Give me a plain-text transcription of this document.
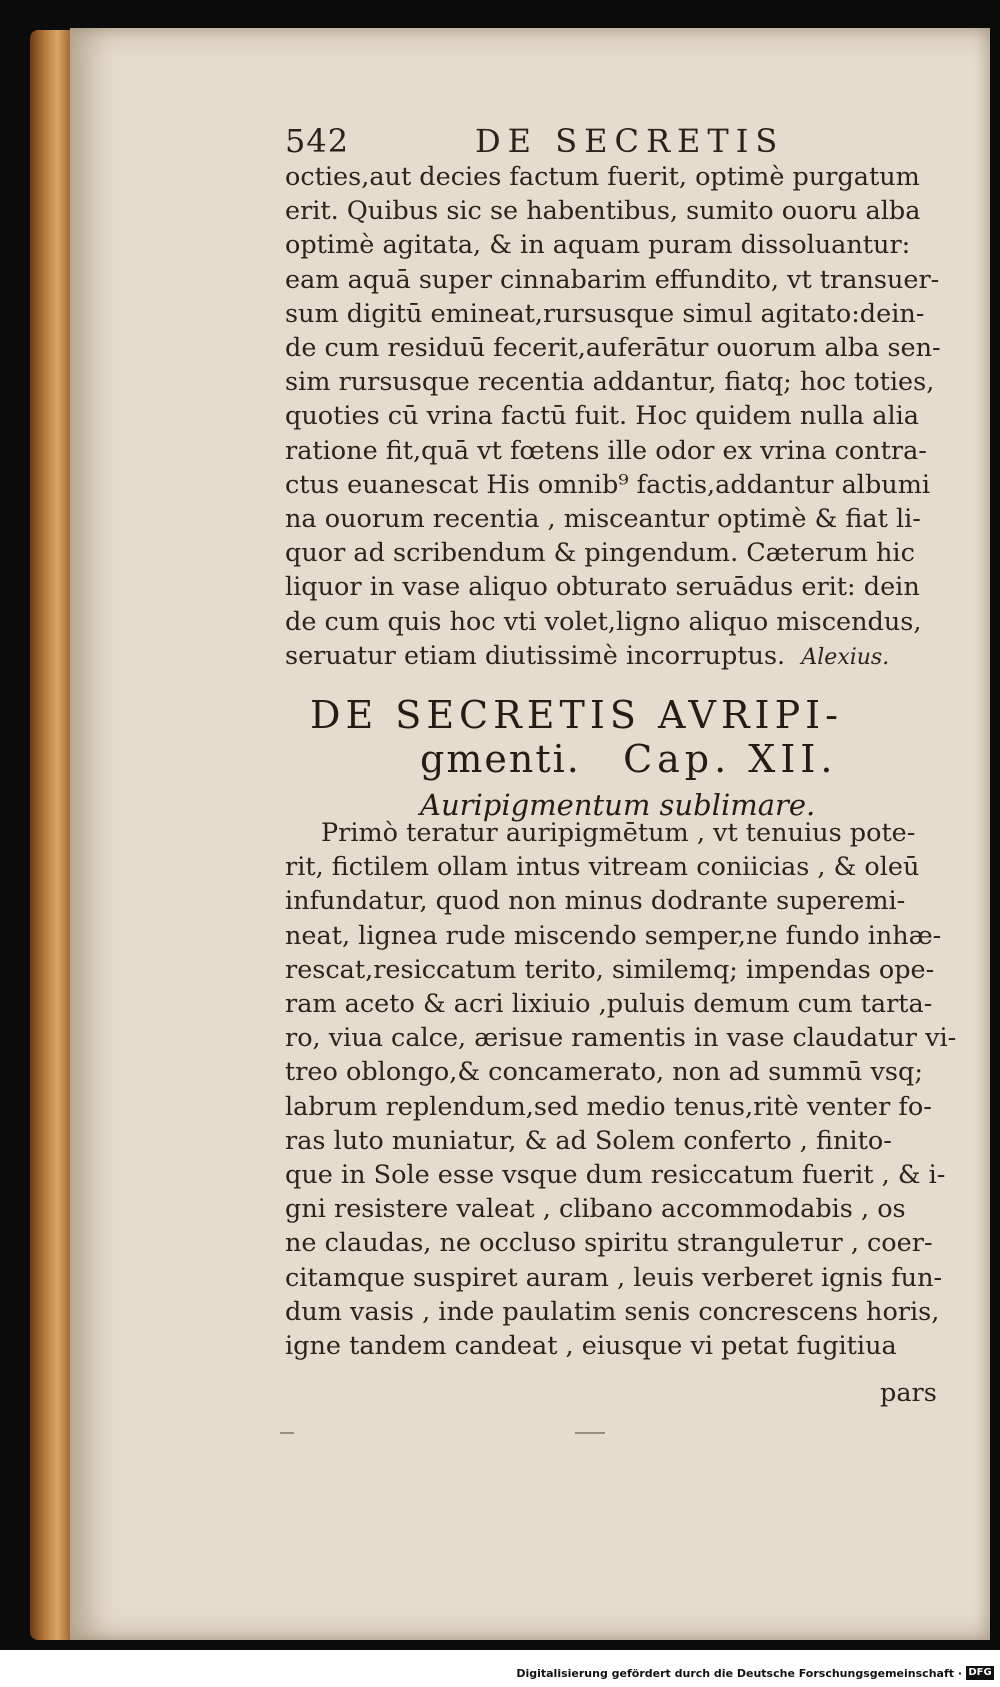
542	DE SECRETIS
octies,aut decies factum fuerit, optimè purgatum
erit. Quibus sic se habentibus, sumito ouoru alba
optimè agitata, & in aquam puram dissoluantur:
eam aquā super cinnabarim effundito, vt transuer-
sum digitū emineat,rursusque simul agitato:dein-
de cum residuū fecerit,auferātur ouorum alba sen-
sim rursusque recentia addantur, fiatq; hoc toties,
quoties cū vrina factū fuit. Hoc quidem nulla alia
ratione fit,quā vt fœtens ille odor ex vrina contra-
ctus euanescat His omnib⁹ factis,addantur albumi
na ouorum recentia , misceantur optimè & fiat li-
quor ad scribendum & pingendum. Cæterum hic
liquor in vase aliquo obturato seruādus erit: dein
de cum quis hoc vti volet,ligno aliquo miscendus,
seruatur etiam diutissimè incorruptus. Alexius.
DE SECRETIS AVRIPI-
gmenti. Cap. XII.
Auripigmentum sublimare.
Primò teratur auripigmētum , vt tenuius pote-
rit, fictilem ollam intus vitream coniicias , & oleū
infundatur, quod non minus dodrante superemi-
neat, lignea rude miscendo semper,ne fundo inhæ-
rescat,resiccatum terito, similemq; impendas ope-
ram aceto & acri lixiuio ,puluis demum cum tarta-
ro, viua calce, ærisue ramentis in vase claudatur vi-
treo oblongo,& concamerato, non ad summū vsq;
labrum replendum,sed medio tenus,ritè venter fo-
ras luto muniatur, & ad Solem conferto , finito-
que in Sole esse vsque dum resiccatum fuerit , & i-
gni resistere valeat , clibano accommodabis , os
ne claudas, ne occluso spiritu strangulетur , coer-
citamque suspiret auram , leuis verberet ignis fun-
dum vasis , inde paulatim senis concrescens horis,
igne tandem candeat , eiusque vi petat fugitiua
pars
Digitalisierung gefördert durch die Deutsche Forschungsgemeinschaft · DFG
